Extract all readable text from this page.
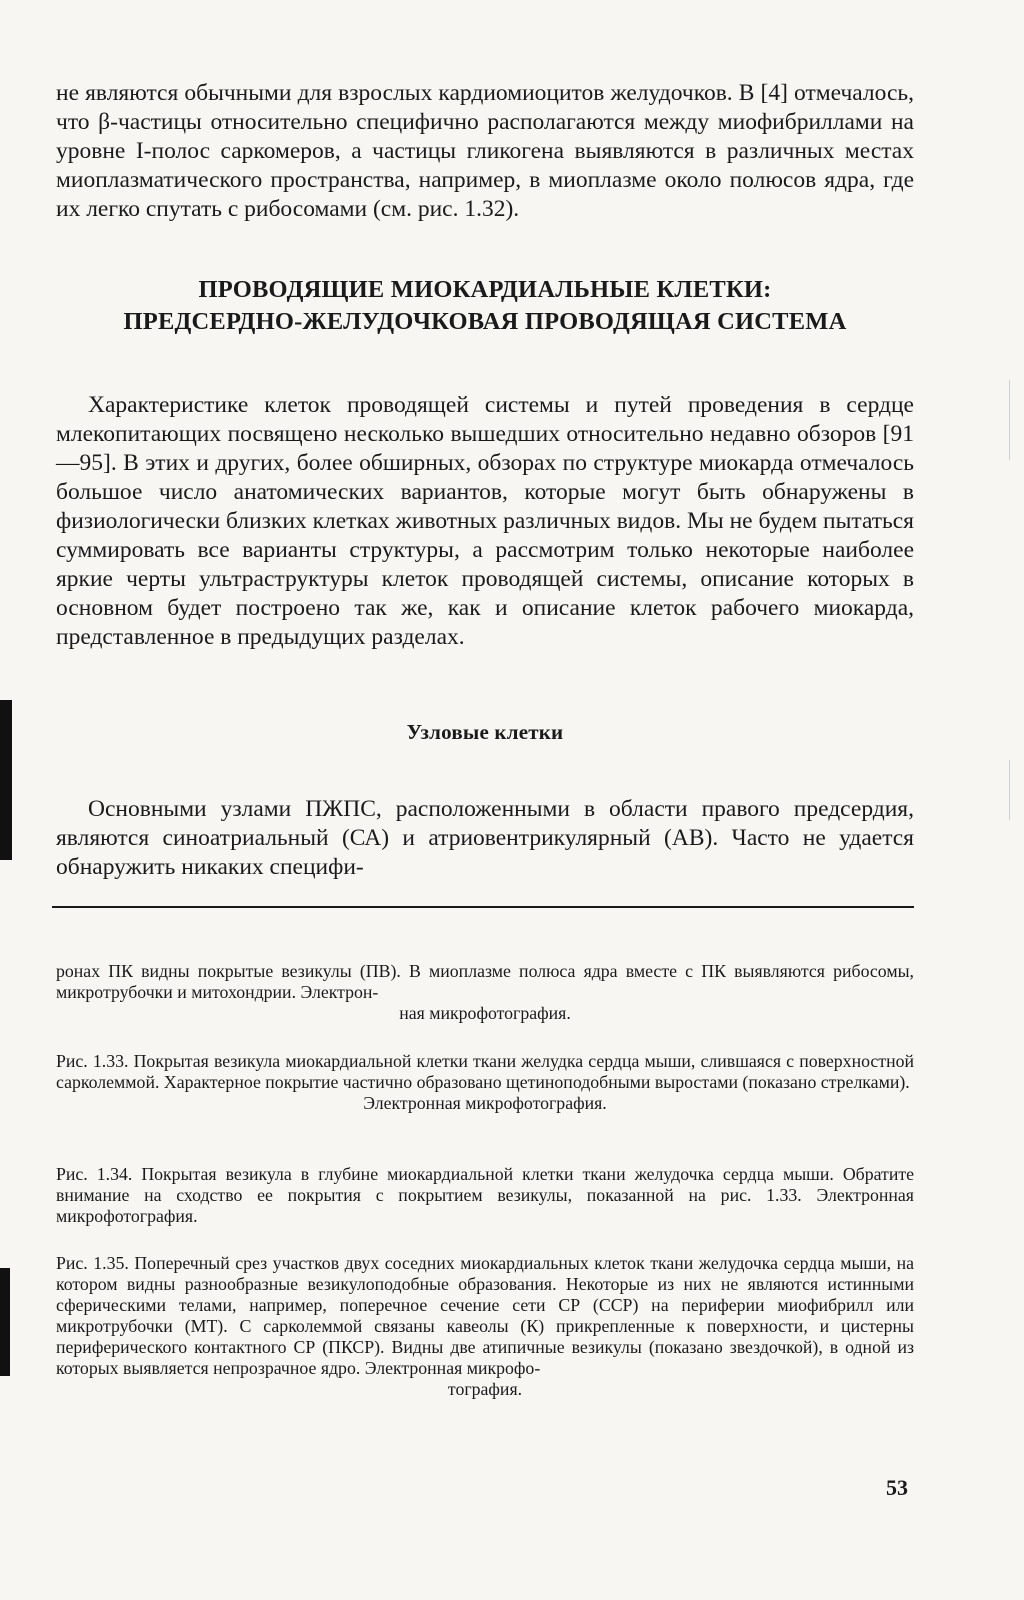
не являются обычными для взрослых кардиомиоцитов желудочков. В [4] отмечалось, что β-частицы относительно специфично располагаются между миофибриллами на уровне I-полос саркомеров, а частицы гликогена выявляются в различных местах миоплазматического пространства, например, в миоплазме около полюсов ядра, где их легко спутать с рибосомами (см. рис. 1.32).

ПРОВОДЯЩИЕ МИОКАРДИАЛЬНЫЕ КЛЕТКИ:
ПРЕДСЕРДНО-ЖЕЛУДОЧКОВАЯ ПРОВОДЯЩАЯ СИСТЕМА

Характеристике клеток проводящей системы и путей проведения в сердце млекопитающих посвящено несколько вышедших относительно недавно обзоров [91—95]. В этих и других, более обширных, обзорах по структуре миокарда отмечалось большое число анатомических вариантов, которые могут быть обнаружены в физиологически близких клетках животных различных видов. Мы не будем пытаться суммировать все варианты структуры, а рассмотрим только некоторые наиболее яркие черты ультраструктуры клеток проводящей системы, описание которых в основном будет построено так же, как и описание клеток рабочего миокарда, представленное в предыдущих разделах.

Узловые клетки

Основными узлами ПЖПС, расположенными в области правого предсердия, являются синоатриальный (СА) и атриовентрикулярный (АВ). Часто не удается обнаружить никаких специфи-

ронах ПК видны покрытые везикулы (ПВ). В миоплазме полюса ядра вместе с ПК выявляются рибосомы, микротрубочки и митохондрии. Электрон-
ная микрофотография.
Рис. 1.33. Покрытая везикула миокардиальной клетки ткани желудка сердца мыши, слившаяся с поверхностной сарколеммой. Характерное покрытие частично образовано щетиноподобными выростами (показано стрелками).
Электронная микрофотография.
Рис. 1.34. Покрытая везикула в глубине миокардиальной клетки ткани желудочка сердца мыши. Обратите внимание на сходство ее покрытия с покрытием везикулы, показанной на рис. 1.33. Электронная микрофотография.
Рис. 1.35. Поперечный срез участков двух соседних миокардиальных клеток ткани желудочка сердца мыши, на котором видны разнообразные везикулоподобные образования. Некоторые из них не являются истинными сферическими телами, например, поперечное сечение сети СР (ССР) на периферии миофибрилл или микротрубочки (МТ). С сарколеммой связаны кавеолы (К) прикрепленные к поверхности, и цистерны периферического контактного СР (ПКСР). Видны две атипичные везикулы (показано звездочкой), в одной из которых выявляется непрозрачное ядро. Электронная микрофо-
тография.
53
